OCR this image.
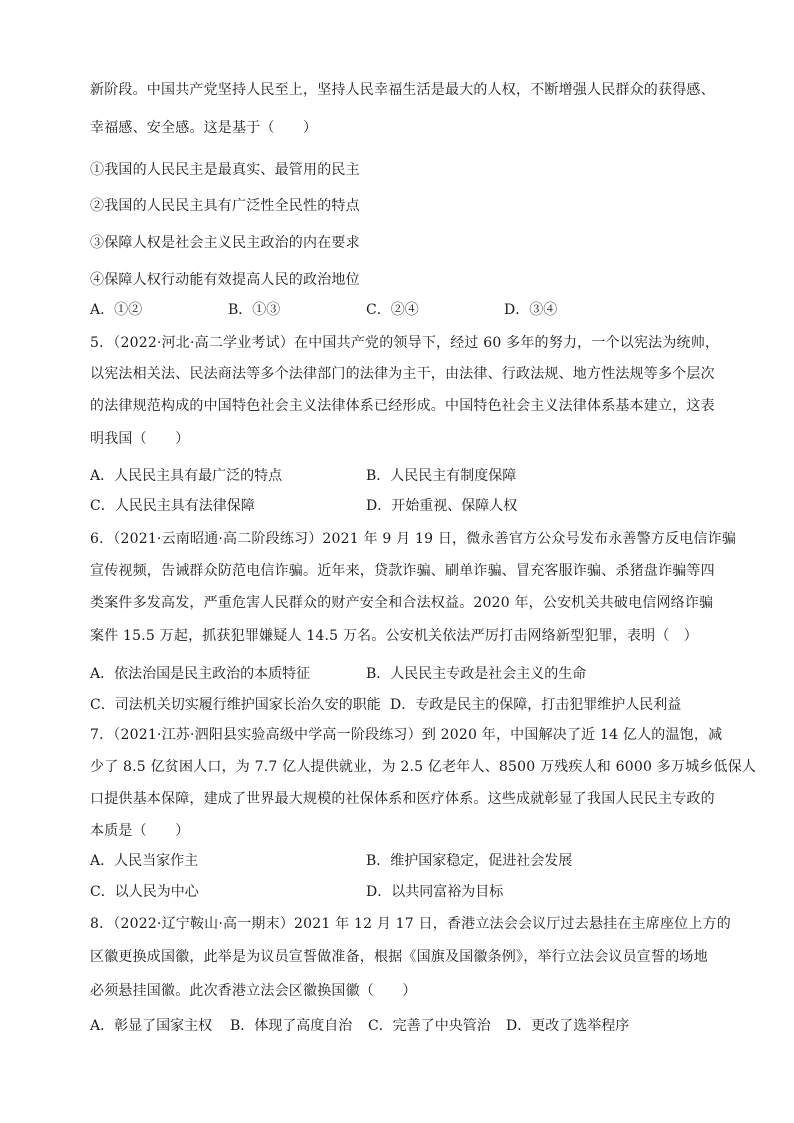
新阶段。中国共产党坚持人民至上，坚持人民幸福生活是最大的人权，不断增强人民群众的获得感、
幸福感、安全感。这是基于（　　）
①我国的人民民主是最真实、最管用的民主
②我国的人民民主具有广泛性全民性的特点
③保障人权是社会主义民主政治的内在要求
④保障人权行动能有效提高人民的政治地位
A．①②	B．①③	C．②④	D．③④
5．（2022·河北·高二学业考试）在中国共产党的领导下，经过 60 多年的努力，一个以宪法为统帅，
以宪法相关法、民法商法等多个法律部门的法律为主干，由法律、行政法规、地方性法规等多个层次
的法律规范构成的中国特色社会主义法律体系已经形成。中国特色社会主义法律体系基本建立，这表
明我国（　　）
A．人民民主具有最广泛的特点	B．人民民主有制度保障
C．人民民主具有法律保障	D．开始重视、保障人权
6．（2021·云南昭通·高二阶段练习）2021 年 9 月 19 日，微永善官方公众号发布永善警方反电信诈骗
宣传视频，告诫群众防范电信诈骗。近年来，贷款诈骗、刷单诈骗、冒充客服诈骗、杀猪盘诈骗等四
类案件多发高发，严重危害人民群众的财产安全和合法权益。2020 年，公安机关共破电信网络诈骗
案件 15.5 万起，抓获犯罪嫌疑人 14.5 万名。公安机关依法严厉打击网络新型犯罪，表明（　）
A．依法治国是民主政治的本质特征	B．人民民主专政是社会主义的生命
C．司法机关切实履行维护国家长治久安的职能 D．专政是民主的保障，打击犯罪维护人民利益
7．（2021·江苏·泗阳县实验高级中学高一阶段练习）到 2020 年，中国解决了近 14 亿人的温饱，减
少了 8.5 亿贫困人口，为 7.7 亿人提供就业，为 2.5 亿老年人、8500 万残疾人和 6000 多万城乡低保人
口提供基本保障，建成了世界最大规模的社保体系和医疗体系。这些成就彰显了我国人民民主专政的
本质是（　　）
A．人民当家作主	B．维护国家稳定，促进社会发展
C．以人民为中心	D．以共同富裕为目标
8．（2022·辽宁鞍山·高一期末）2021 年 12 月 17 日，香港立法会会议厅过去悬挂在主席座位上方的
区徽更换成国徽，此举是为议员宣誓做准备，根据《国旗及国徽条例》，举行立法会议员宣誓的场地
必须悬挂国徽。此次香港立法会区徽换国徽（　　）
A．彰显了国家主权 B．体现了高度自治 C．完善了中央管治 D．更改了选举程序
